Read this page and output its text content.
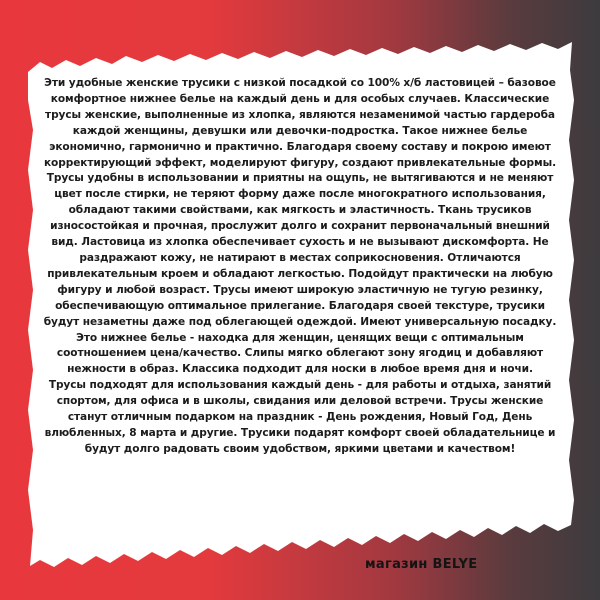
Эти удобные женские трусики с низкой посадкой со 100% х/б ластовицей – базовое комфортное нижнее белье на каждый день и для особых случаев. Классические трусы женские, выполненные из хлопка, являются незаменимой частью гардероба каждой женщины, девушки или девочки-подростка. Такое нижнее белье экономично, гармонично и практично. Благодаря своему составу и покрою имеют корректирующий эффект, моделируют фигуру, создают привлекательные формы. Трусы удобны в использовании и приятны на ощупь, не вытягиваются и не меняют цвет после стирки, не теряют форму даже после многократного использования, обладают такими свойствами, как мягкость и эластичность. Ткань трусиков износостойкая и прочная, прослужит долго и сохранит первоначальный внешний вид. Ластовица из хлопка обеспечивает сухость и не вызывают дискомфорта. Не раздражают кожу, не натирают в местах соприкосновения. Отличаются привлекательным кроем и обладают легкостью. Подойдут практически на любую фигуру и любой возраст. Трусы имеют широкую эластичную не тугую резинку, обеспечивающую оптимальное прилегание. Благодаря своей текстуре, трусики будут незаметны даже под облегающей одеждой. Имеют универсальную посадку. Это нижнее белье - находка для женщин, ценящих вещи с оптимальным соотношением цена/качество. Слипы мягко облегают зону ягодиц и добавляют нежности в образ. Классика подходит для носки в любое время дня и ночи.

Трусы подходят для использования каждый день - для работы и отдыха, занятий спортом, для офиса и в школы, свидания или деловой встречи. Трусы женские станут отличным подарком на праздник - День рождения, Новый Год, День влюбленных, 8 марта и другие. Трусики подарят комфорт своей обладательнице и будут долго радовать своим удобством, яркими цветами и качеством!

магазин BELYE
